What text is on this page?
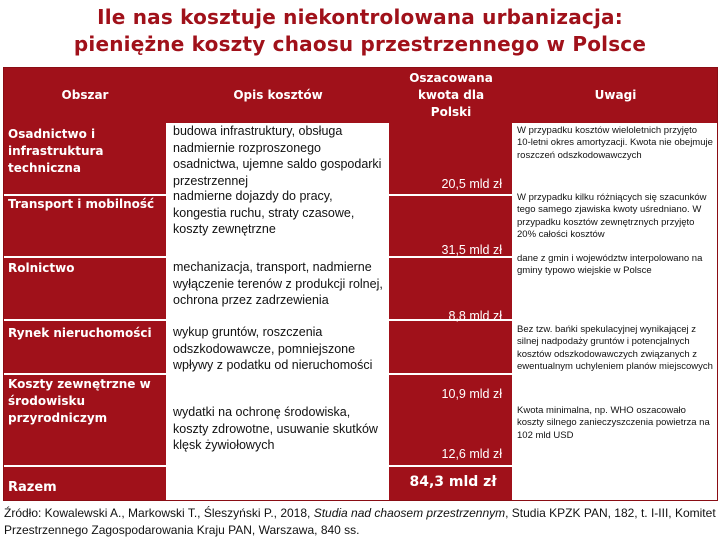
Ile nas kosztuje niekontrolowana urbanizacja:
pieniężne koszty chaosu przestrzennego w Polsce
Obszar	Opis kosztów
Oszacowana kwota dla Polski
Uwagi
Osadnictwo i infrastruktura techniczna
Transport i mobilność
Rolnictwo
Rynek nieruchomości
Koszty zewnętrzne w środowisku przyrodniczym
Razem
budowa infrastruktury, obsługa nadmiernie rozproszonego osadnictwa, ujemne saldo gospodarki przestrzennej
nadmierne dojazdy do pracy, kongestia ruchu, straty czasowe, koszty zewnętrzne
mechanizacja, transport, nadmierne wyłączenie terenów z produkcji rolnej, ochrona przez zadrzewienia
wykup gruntów, roszczenia odszkodowawcze, pomniejszone wpływy z podatku od nieruchomości
wydatki na ochronę środowiska, koszty zdrowotne, usuwanie skutków klęsk żywiołowych
20,5 mld zł
31,5 mld zł
8,8 mld zł
10,9 mld zł
12,6 mld zł
84,3 mld zł
W przypadku kosztów wieloletnich przyjęto 10-letni okres amortyzacji. Kwota nie obejmuje roszczeń odszkodowawczych
W przypadku kilku różniących się szacunków tego samego zjawiska kwoty uśredniano. W przypadku kosztów zewnętrznych przyjęto 20% całości kosztów
dane z gmin i województw interpolowano na gminy typowo wiejskie w Polsce
Bez tzw. bańki spekulacyjnej wynikającej z silnej nadpodaży gruntów i potencjalnych kosztów odszkodowawczych związanych z ewentualnym uchyleniem planów miejscowych
Kwota minimalna, np. WHO oszacowało koszty silnego zanieczyszczenia powietrza na 102 mld USD
Źródło: Kowalewski A., Markowski T., Śleszyński P., 2018, Studia nad chaosem przestrzennym, Studia KPZK PAN, 182, t. I-III, Komitet Przestrzennego Zagospodarowania Kraju PAN, Warszawa, 840 ss.
